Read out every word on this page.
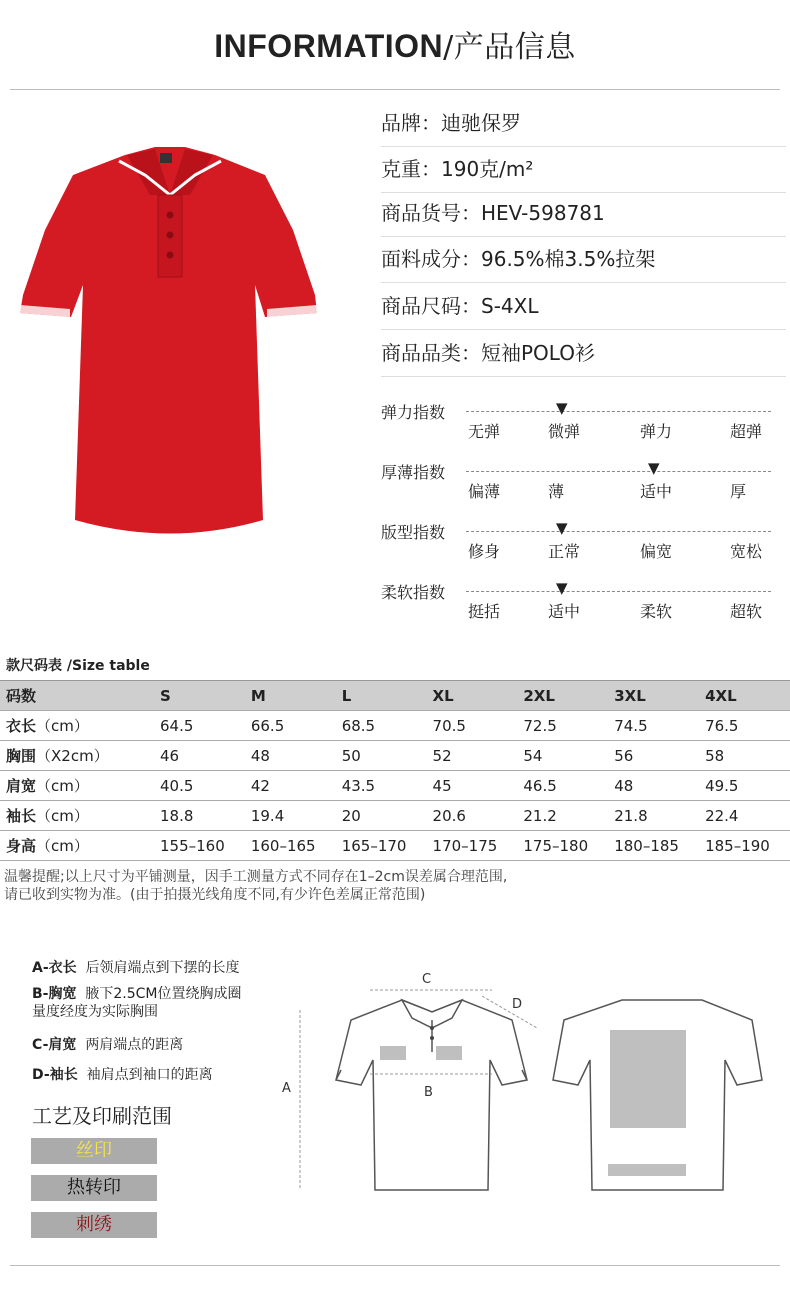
INFORMATION/产品信息
品牌：迪驰保罗
克重：190克/m²
商品货号：HEV-598781
面料成分：96.5%棉3.5%拉架
商品尺码：S-4XL
商品品类：短袖POLO衫
弹力指数
无弹	微弹	弹力	超弹
▼
厚薄指数
偏薄	薄	适中	厚
▼
版型指数
修身	正常	偏宽	宽松
▼
柔软指数
挺括	适中	柔软	超软
▼
款尺码表 /Size table
码数	S	M	L	XL	2XL	3XL	4XL
衣长（cm）	64.5	66.5	68.5	70.5	72.5	74.5	76.5
胸围（X2cm）	46	48	50	52	54	56	58
肩宽（cm）	40.5	42	43.5	45	46.5	48	49.5
袖长（cm）	18.8	19.4	20	20.6	21.2	21.8	22.4
身高（cm）	155–160	160–165	165–170	170–175	175–180	180–185	185–190
温馨提醒;以上尺寸为平铺测量，因手工测量方式不同存在1–2cm误差属合理范围,
请已收到实物为准。(由于拍摄光线角度不同,有少许色差属正常范围)
A-衣长 后领肩端点到下摆的长度
B-胸宽 腋下2.5CM位置绕胸成圈
量度经度为实际胸围
C-肩宽 两肩端点的距离
D-袖长 袖肩点到袖口的距离
工艺及印刷范围
丝印
热转印
刺绣
C
B
A
D
